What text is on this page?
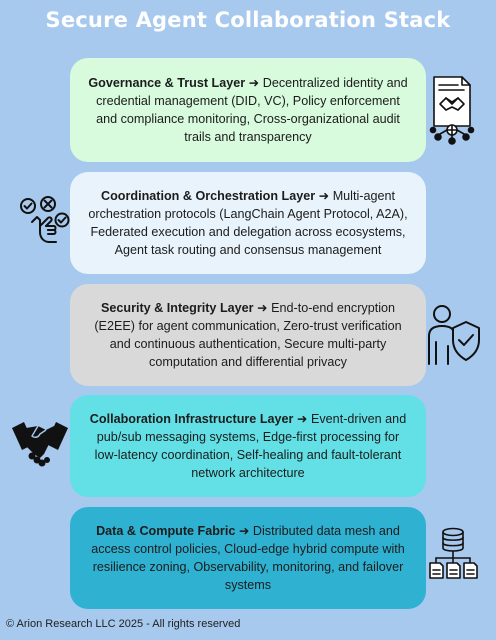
Secure Agent Collaboration Stack

Governance & Trust Layer ➜ Decentralized identity and credential management (DID, VC), Policy enforcement and compliance monitoring, Cross-organizational audit trails and transparency

Coordination & Orchestration Layer ➜ Multi-agent orchestration protocols (LangChain Agent Protocol, A2A), Federated execution and delegation across ecosystems, Agent task routing and consensus management

Security & Integrity Layer ➜ End-to-end encryption (E2EE) for agent communication, Zero-trust verification and continuous authentication, Secure multi-party computation and differential privacy

Collaboration Infrastructure Layer ➜ Event-driven and pub/sub messaging systems, Edge-first processing for low-latency coordination, Self-healing and fault-tolerant network architecture

Data & Compute Fabric ➜ Distributed data mesh and access control policies, Cloud-edge hybrid compute with resilience zoning, Observability, monitoring, and failover systems

© Arion Research LLC 2025 - All rights reserved
